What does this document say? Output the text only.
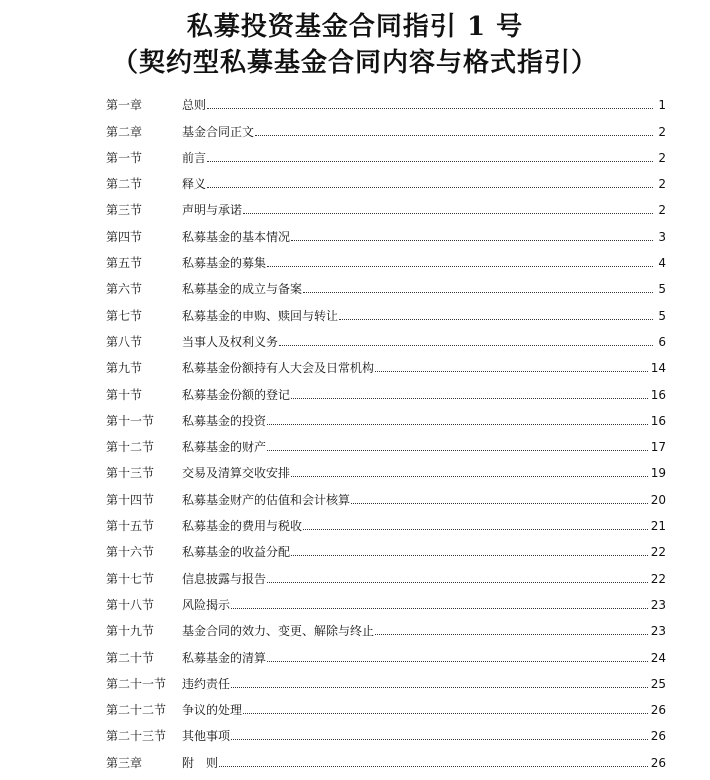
私募投资基金合同指引 1 号
（契约型私募基金合同内容与格式指引）
第一章	总则	1
第二章	基金合同正文	2
第一节	前言	2
第二节	释义	2
第三节	声明与承诺	2
第四节	私募基金的基本情况	3
第五节	私募基金的募集	4
第六节	私募基金的成立与备案	5
第七节	私募基金的申购、赎回与转让	5
第八节	当事人及权利义务	6
第九节	私募基金份额持有人大会及日常机构	14
第十节	私募基金份额的登记	16
第十一节	私募基金的投资	16
第十二节	私募基金的财产	17
第十三节	交易及清算交收安排	19
第十四节	私募基金财产的估值和会计核算	20
第十五节	私募基金的费用与税收	21
第十六节	私募基金的收益分配	22
第十七节	信息披露与报告	22
第十八节	风险揭示	23
第十九节	基金合同的效力、变更、解除与终止	23
第二十节	私募基金的清算	24
第二十一节	违约责任	25
第二十二节	争议的处理	26
第二十三节	其他事项	26
第三章	附　则	26
